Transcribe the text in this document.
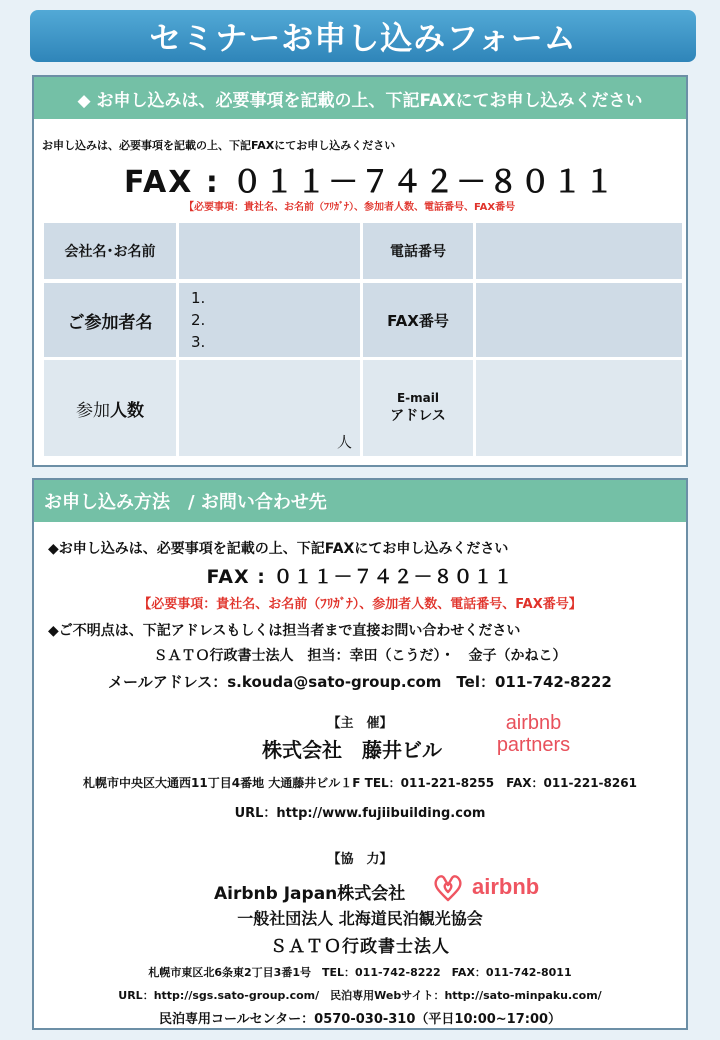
セミナーお申し込みフォーム
◆ お申し込みは、必要事項を記載の上、下記FAXにてお申し込みください
お申し込みは、必要事項を記載の上、下記FAXにてお申し込みください
FAX : ０１１－７４２－８０１１
【必要事項：貴社名、お名前（ﾌﾘｶﾞﾅ）、参加者人数、電話番号、FAX番号
会社名･お名前	電話番号
ご参加者名
1.
2.
3.
FAX番号
参加 人数
人
E-mail
アドレス
お申し込み方法　/ お問い合わせ先
◆お申し込みは、必要事項を記載の上、下記FAXにてお申し込みください
FAX : ０１１－７４２－８０１１
【必要事項：貴社名、お名前（ﾌﾘｶﾞﾅ）、参加者人数、電話番号、FAX番号】
◆ご不明点は、下記アドレスもしくは担当者まで直接お問い合わせください
ＳＡＴＯ行政書士法人　担当：幸田（こうだ）・　金子（かねこ）
メールアドレス：s.kouda@sato-group.com　Tel：011-742-8222
【主　催】
株式会社　藤井ビル
airbnb
partners
札幌市中央区大通西11丁目4番地 大通藤井ビル１F TEL：011-221-8255　FAX：011-221-8261
URL：http://www.fujiibuilding.com
【協　力】
Airbnb Japan株式会社	airbnb
一般社団法人 北海道民泊観光協会
ＳＡＴＯ行政書士法人
札幌市東区北6条東2丁目3番1号　TEL：011-742-8222　FAX：011-742-8011
URL：http://sgs.sato-group.com/　民泊専用Webサイト：http://sato-minpaku.com/
民泊専用コールセンター：0570-030-310（平日10:00~17:00）
